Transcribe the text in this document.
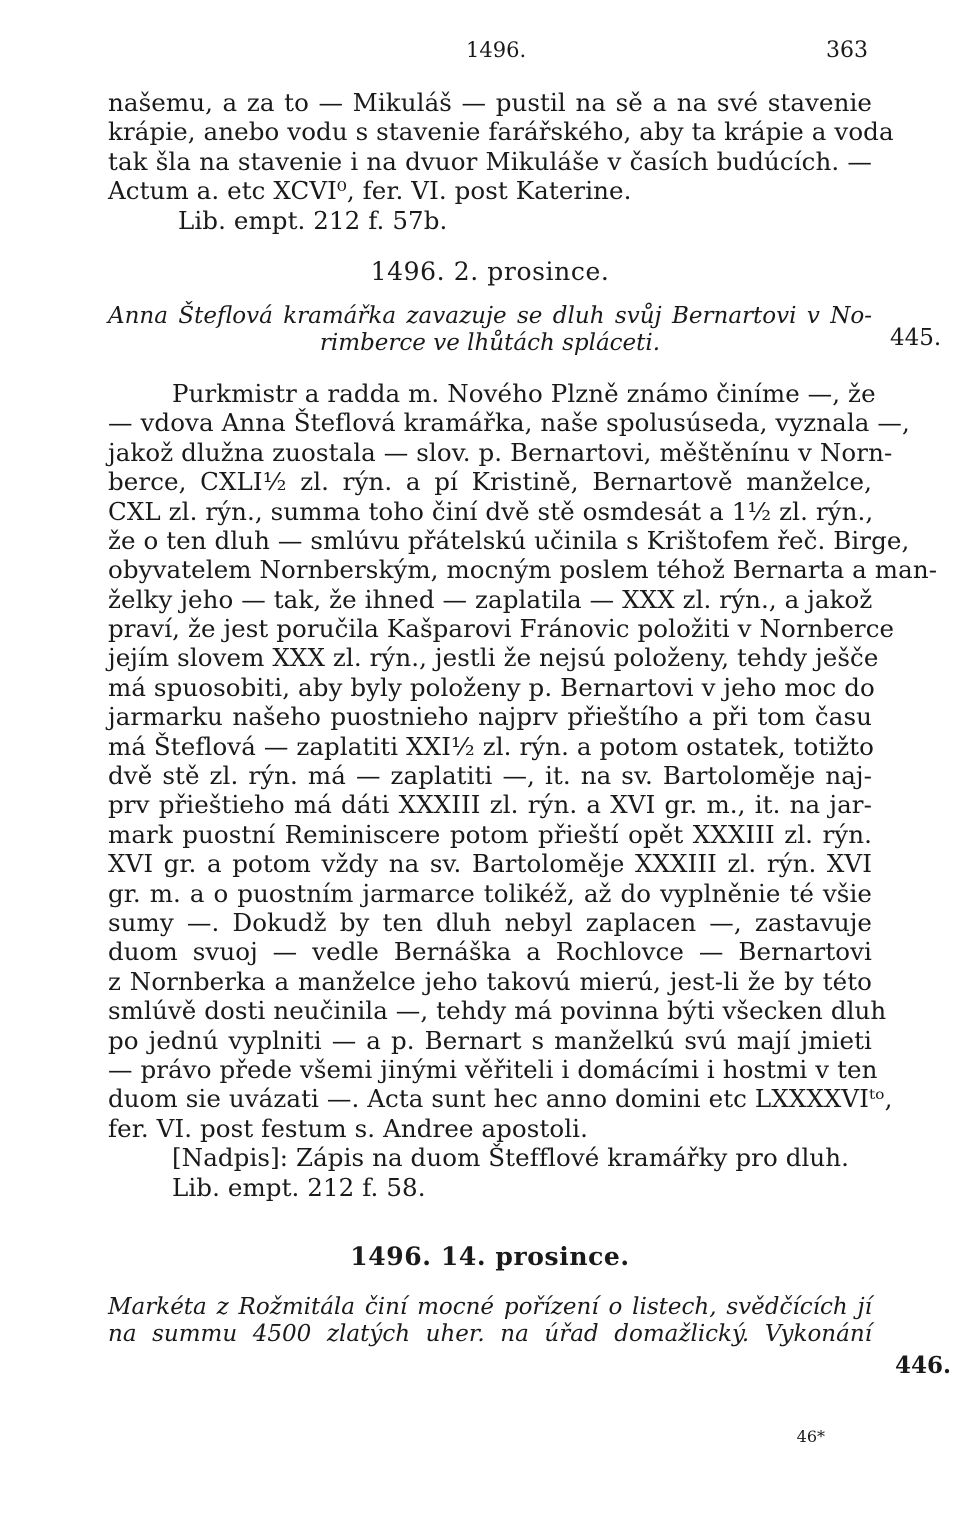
1496.	363
445.
446.
našemu, a za to — Mikuláš — pustil na sě a na své stavenie
krápie, anebo vodu s stavenie farářského, aby ta krápie a voda
tak šla na stavenie i na dvuor Mikuláše v časích budúcích. —
Actum a. etc XCVI⁰, fer. VI. post Katerine.
Lib. empt. 212 f. 57b.
1496. 2. prosince.
Anna Šteflová kramářka zavazuje se dluh svůj Bernartovi v No-
rimberce ve lhůtách spláceti.
Purkmistr a radda m. Nového Plzně známo činíme —, že
— vdova Anna Šteflová kramářka, naše spolusúseda, vyznala —,
jakož dlužna zuostala — slov. p. Bernartovi, měštěnínu v Norn-
berce, CXLI½ zl. rýn. a pí Kristině, Bernartově manželce,
CXL zl. rýn., summa toho činí dvě stě osmdesát a 1½ zl. rýn.,
že o ten dluh — smlúvu přátelskú učinila s Krištofem řeč. Birge,
obyvatelem Nornberským, mocným poslem téhož Bernarta a man-
želky jeho — tak, že ihned — zaplatila — XXX zl. rýn., a jakož
praví, že jest poručila Kašparovi Fránovic položiti v Nornberce
jejím slovem XXX zl. rýn., jestli že nejsú položeny, tehdy ješče
má spuosobiti, aby byly položeny p. Bernartovi v jeho moc do
jarmarku našeho puostnieho najprv přieštího a při tom času
má Šteflová — zaplatiti XXI½ zl. rýn. a potom ostatek, totižto
dvě stě zl. rýn. má — zaplatiti —, it. na sv. Bartoloměje naj-
prv přieštieho má dáti XXXIII zl. rýn. a XVI gr. m., it. na jar-
mark puostní Reminiscere potom přieští opět XXXIII zl. rýn.
XVI gr. a potom vždy na sv. Bartoloměje XXXIII zl. rýn. XVI
gr. m. a o puostním jarmarce tolikéž, až do vyplněnie té všie
sumy —. Dokudž by ten dluh nebyl zaplacen —, zastavuje
duom svuoj — vedle Bernáška a Rochlovce — Bernartovi
z Nornberka a manželce jeho takovú mierú, jest-li že by této
smlúvě dosti neučinila —, tehdy má povinna býti všecken dluh
po jednú vyplniti — a p. Bernart s manželkú svú mají jmieti
— právo přede všemi jinými věřiteli i domácími i hostmi v ten
duom sie uvázati —. Acta sunt hec anno domini etc LXXXXVIᵗᵒ,
fer. VI. post festum s. Andree apostoli.
[Nadpis]: Zápis na duom Štefflové kramářky pro dluh.
Lib. empt. 212 f. 58.
1496. 14. prosince.
Markéta z Rožmitála činí mocné pořízení o listech, svědčících jí
na summu 4500 zlatých uher. na úřad domažlický. Vykonání
46*
